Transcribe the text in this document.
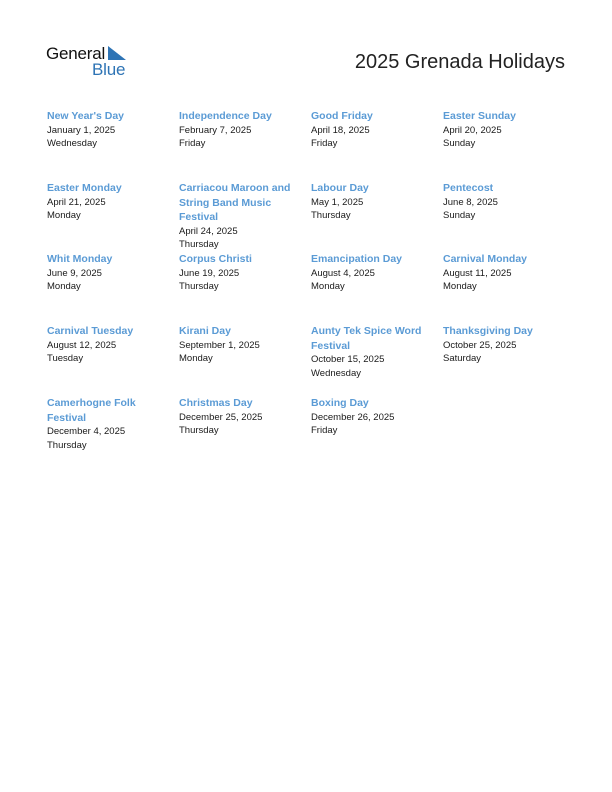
General
Blue	2025 Grenada Holidays

New Year's Day

January 1, 2025

Wednesday

Independence Day

February 7, 2025

Friday

Good Friday

April 18, 2025

Friday

Easter Sunday

April 20, 2025

Sunday

Easter Monday

April 21, 2025

Monday

Carriacou Maroon and String Band Music Festival

April 24, 2025

Thursday

Labour Day

May 1, 2025

Thursday

Pentecost

June 8, 2025

Sunday

Whit Monday

June 9, 2025

Monday

Corpus Christi

June 19, 2025

Thursday

Emancipation Day

August 4, 2025

Monday

Carnival Monday

August 11, 2025

Monday

Carnival Tuesday

August 12, 2025

Tuesday

Kirani Day

September 1, 2025

Monday

Aunty Tek Spice Word Festival

October 15, 2025

Wednesday

Thanksgiving Day

October 25, 2025

Saturday

Camerhogne Folk Festival

December 4, 2025

Thursday

Christmas Day

December 25, 2025

Thursday

Boxing Day

December 26, 2025

Friday
